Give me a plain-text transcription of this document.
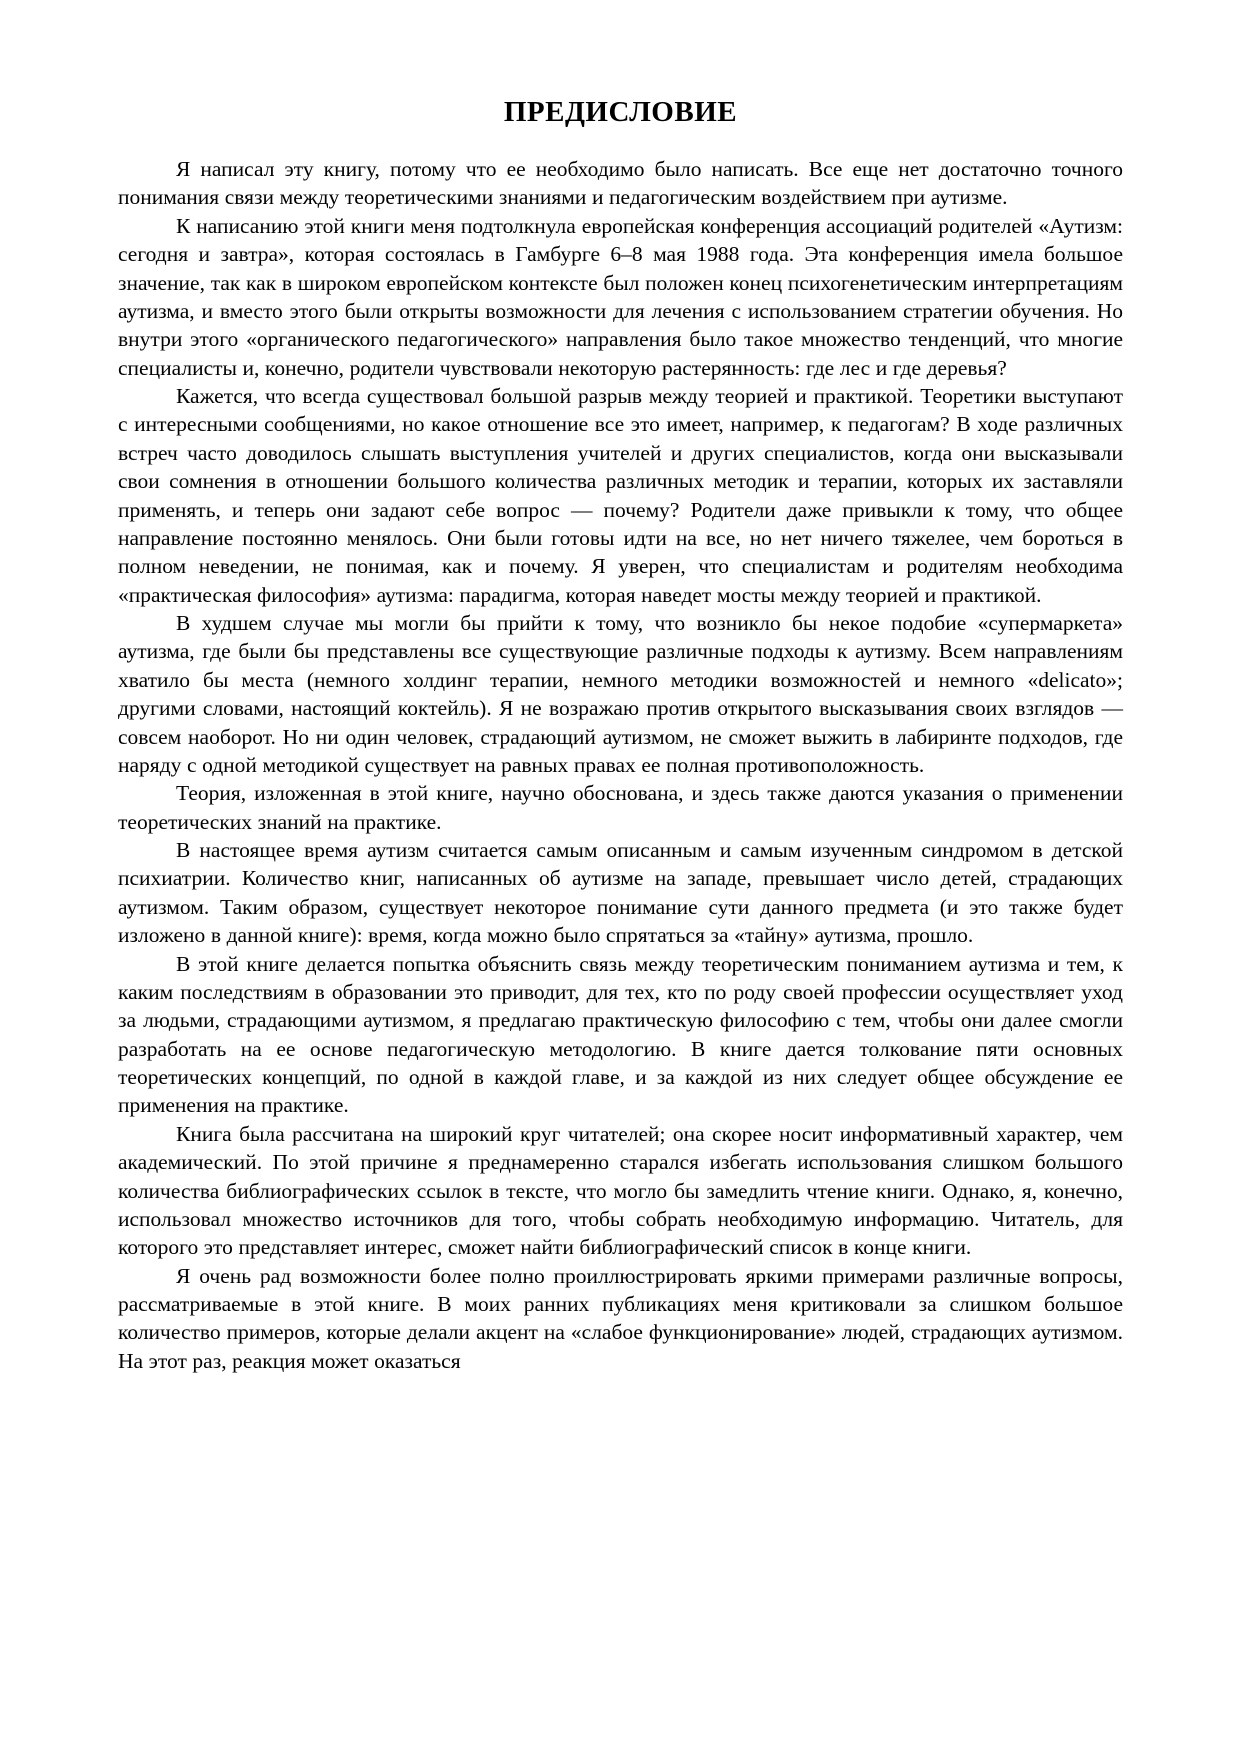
ПРЕДИСЛОВИЕ

Я написал эту книгу, потому что ее необходимо было написать. Все еще нет достаточно точного понимания связи между теоретическими знаниями и педагогическим воздействием при аутизме.

К написанию этой книги меня подтолкнула европейская конференция ассоциаций родителей «Аутизм: сегодня и завтра», которая состоялась в Гамбурге 6–8 мая 1988 года. Эта конференция имела большое значение, так как в широком европейском контексте был положен конец психогенетическим интерпретациям аутизма, и вместо этого были открыты возможности для лечения с использованием стратегии обучения. Но внутри этого «органического педагогического» направления было такое множество тенденций, что многие специалисты и, конечно, родители чувствовали некоторую растерянность: где лес и где деревья?

Кажется, что всегда существовал большой разрыв между теорией и практикой. Теоретики выступают с интересными сообщениями, но какое отношение все это имеет, например, к педагогам? В ходе различных встреч часто доводилось слышать выступления учителей и других специалистов, когда они высказывали свои сомнения в отношении большого количества различных методик и терапии, которых их заставляли применять, и теперь они задают себе вопрос — почему? Родители даже привыкли к тому, что общее направление постоянно менялось. Они были готовы идти на все, но нет ничего тяжелее, чем бороться в полном неведении, не понимая, как и почему. Я уверен, что специалистам и родителям необходима «практическая философия» аутизма: парадигма, которая наведет мосты между теорией и практикой.

В худшем случае мы могли бы прийти к тому, что возникло бы некое подобие «супермаркета» аутизма, где были бы представлены все существующие различные подходы к аутизму. Всем направлениям хватило бы места (немного холдинг терапии, немного методики возможностей и немного «delicato»; другими словами, настоящий коктейль). Я не возражаю против открытого высказывания своих взглядов — совсем наоборот. Но ни один человек, страдающий аутизмом, не сможет выжить в лабиринте подходов, где наряду с одной методикой существует на равных правах ее полная противоположность.

Теория, изложенная в этой книге, научно обоснована, и здесь также даются указания о применении теоретических знаний на практике.

В настоящее время аутизм считается самым описанным и самым изученным синдромом в детской психиатрии. Количество книг, написанных об аутизме на западе, превышает число детей, страдающих аутизмом. Таким образом, существует некоторое понимание сути данного предмета (и это также будет изложено в данной книге): время, когда можно было спрятаться за «тайну» аутизма, прошло.

В этой книге делается попытка объяснить связь между теоретическим пониманием аутизма и тем, к каким последствиям в образовании это приводит, для тех, кто по роду своей профессии осуществляет уход за людьми, страдающими аутизмом, я предлагаю практическую философию с тем, чтобы они далее смогли разработать на ее основе педагогическую методологию. В книге дается толкование пяти основных теоретических концепций, по одной в каждой главе, и за каждой из них следует общее обсуждение ее применения на практике.

Книга была рассчитана на широкий круг читателей; она скорее носит информативный характер, чем академический. По этой причине я преднамеренно старался избегать использования слишком большого количества библиографических ссылок в тексте, что могло бы замедлить чтение книги. Однако, я, конечно, использовал множество источников для того, чтобы собрать необходимую информацию. Читатель, для которого это представляет интерес, сможет найти библиографический список в конце книги.

Я очень рад возможности более полно проиллюстрировать яркими примерами различные вопросы, рассматриваемые в этой книге. В моих ранних публикациях меня критиковали за слишком большое количество примеров, которые делали акцент на «слабое функционирование» людей, страдающих аутизмом. На этот раз, реакция может оказаться
